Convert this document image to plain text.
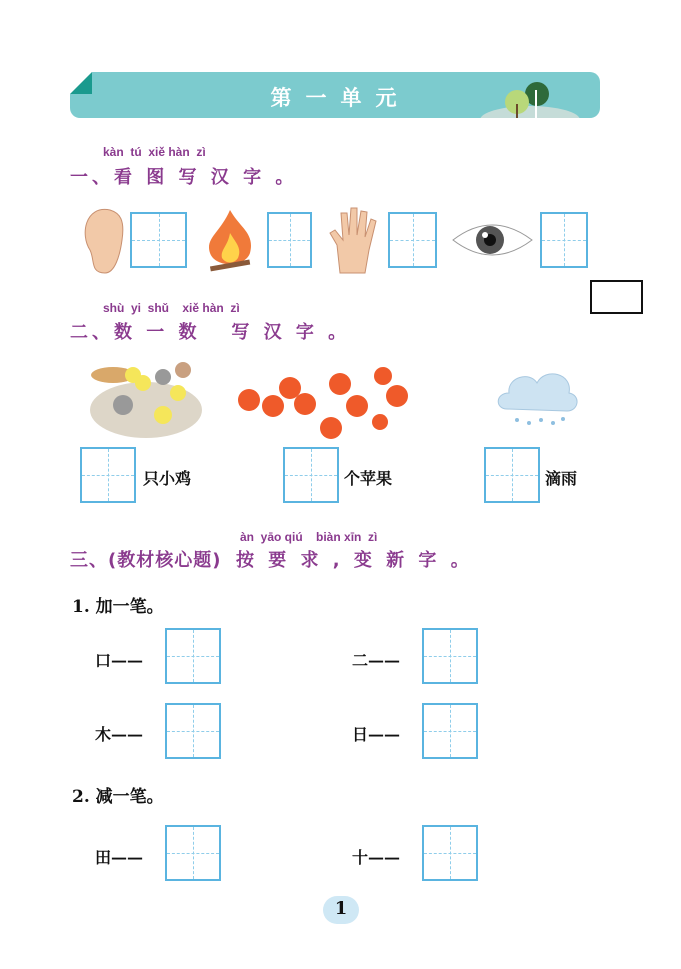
第一单元
kàn  tú  xiě hàn  zì
一、看 图 写 汉 字 。
shù  yi  shǔ    xiě hàn  zì
二、数 一 数   写 汉 字 。
只小鸡	个苹果	滴雨
àn  yāo qiú    biàn xīn  zì
三、(教材核心题) 按 要 求 , 变 新 字 。
1. 加一笔。
口——	二——
木——	日——
2. 减一笔。
田——	十——
1
